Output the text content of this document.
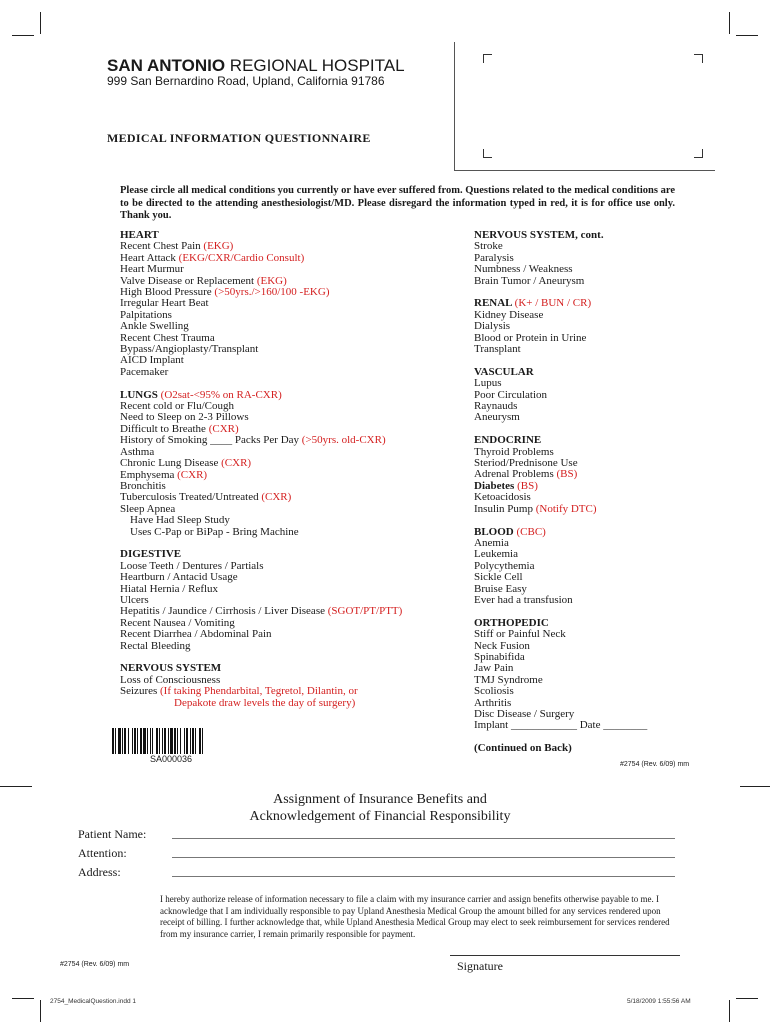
SAN ANTONIO REGIONAL HOSPITAL
999 San Bernardino Road, Upland, California 91786
MEDICAL INFORMATION QUESTIONNAIRE
Please circle all medical conditions you currently or have ever suffered from. Questions related to the medical conditions are to be directed to the attending anesthesiologist/MD. Please disregard the information typed in red, it is for office use only. Thank you.
HEART
Recent Chest Pain (EKG)
Heart Attack (EKG/CXR/Cardio Consult)
Heart Murmur
Valve Disease or Replacement (EKG)
High Blood Pressure (>50yrs./>160/100 -EKG)
Irregular Heart Beat
Palpitations
Ankle Swelling
Recent Chest Trauma
Bypass/Angioplasty/Transplant
AICD Implant
Pacemaker
LUNGS (O2sat-<95% on RA-CXR)
Recent cold or Flu/Cough
Need to Sleep on 2-3 Pillows
Difficult to Breathe (CXR)
History of Smoking ____ Packs Per Day (>50yrs. old-CXR)
Asthma
Chronic Lung Disease (CXR)
Emphysema (CXR)
Bronchitis
Tuberculosis Treated/Untreated (CXR)
Sleep Apnea
Have Had Sleep Study
Uses C-Pap or BiPap - Bring Machine
DIGESTIVE
Loose Teeth / Dentures / Partials
Heartburn / Antacid Usage
Hiatal Hernia / Reflux
Ulcers
Hepatitis / Jaundice / Cirrhosis / Liver Disease (SGOT/PT/PTT)
Recent Nausea / Vomiting
Recent Diarrhea / Abdominal Pain
Rectal Bleeding
NERVOUS SYSTEM
Loss of Consciousness
Seizures (If taking Phendarbital, Tegretol, Dilantin, or
Depakote draw levels the day of surgery)
NERVOUS SYSTEM, cont.
Stroke
Paralysis
Numbness / Weakness
Brain Tumor / Aneurysm
RENAL (K+ / BUN / CR)
Kidney Disease
Dialysis
Blood or Protein in Urine
Transplant
VASCULAR
Lupus
Poor Circulation
Raynauds
Aneurysm
ENDOCRINE
Thyroid Problems
Steriod/Prednisone Use
Adrenal Problems (BS)
Diabetes (BS)
Ketoacidosis
Insulin Pump (Notify DTC)
BLOOD (CBC)
Anemia
Leukemia
Polycythemia
Sickle Cell
Bruise Easy
Ever had a transfusion
ORTHOPEDIC
Stiff or Painful Neck
Neck Fusion
Spinabifida
Jaw Pain
TMJ Syndrome
Scoliosis
Arthritis
Disc Disease / Surgery
Implant ____________ Date ________
(Continued on Back)
SA000036
#2754 (Rev. 6/09) mm
Assignment of Insurance Benefits and
Acknowledgement of Financial Responsibility
Patient Name:
Attention:
Address:
I hereby authorize release of information necessary to file a claim with my insurance carrier and assign benefits otherwise payable to me. I acknowledge that I am individually responsible to pay Upland Anesthesia Medical Group the amount billed for any services rendered upon receipt of billing. I further acknowledge that, while Upland Anesthesia Medical Group may elect to seek reimbursement for services rendered from my insurance carrier, I remain primarily responsible for payment.
#2754 (Rev. 6/09) mm	Signature
2754_MedicalQuestion.indd 1	5/18/2009 1:55:56 AM
